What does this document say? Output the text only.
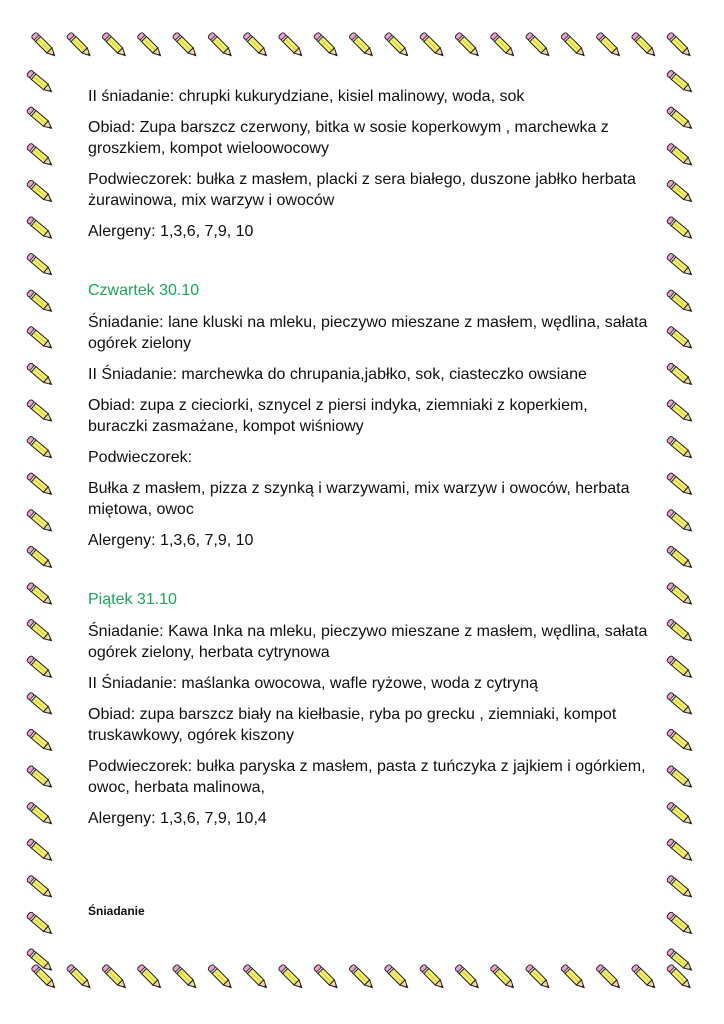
II śniadanie: chrupki kukurydziane, kisiel malinowy, woda, sok
Obiad: Zupa barszcz czerwony, bitka w sosie koperkowym , marchewka z groszkiem, kompot wieloowocowy
Podwieczorek: bułka z masłem, placki z sera białego, duszone jabłko herbata żurawinowa, mix warzyw i owoców
Alergeny: 1,3,6, 7,9, 10
Czwartek 30.10
Śniadanie: lane kluski na mleku, pieczywo mieszane z masłem, wędlina, sałata ogórek zielony
II Śniadanie: marchewka do chrupania,jabłko, sok, ciasteczko owsiane
Obiad: zupa z cieciorki, sznycel z piersi indyka, ziemniaki z koperkiem, buraczki zasmażane, kompot wiśniowy
Podwieczorek:
Bułka z masłem, pizza z szynką i warzywami, mix warzyw i owoców, herbata miętowa, owoc
Alergeny: 1,3,6, 7,9, 10
Piątek 31.10
Śniadanie: Kawa Inka na mleku, pieczywo mieszane z masłem, wędlina, sałata ogórek zielony, herbata cytrynowa
II Śniadanie: maślanka owocowa, wafle ryżowe, woda z cytryną
Obiad: zupa barszcz biały na kiełbasie, ryba po grecku , ziemniaki, kompot truskawkowy, ogórek kiszony
Podwieczorek: bułka paryska z masłem, pasta z tuńczyka z jajkiem i ogórkiem, owoc, herbata malinowa,
Alergeny: 1,3,6, 7,9, 10,4
Śniadanie
